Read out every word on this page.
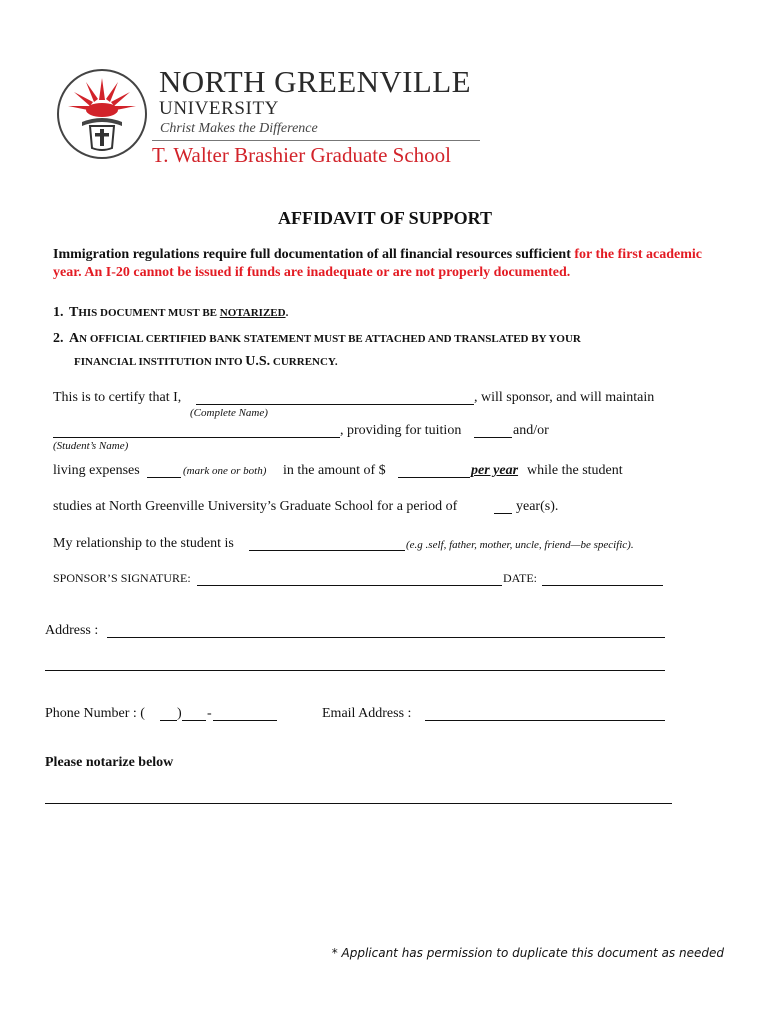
NORTH GREENVILLE
UNIVERSITY
Christ Makes the Difference
T. Walter Brashier Graduate School
AFFIDAVIT OF SUPPORT
Immigration regulations require full documentation of all financial resources sufficient for the first academic year. An I-20 cannot be issued if funds are inadequate or are not properly documented.
1. THIS DOCUMENT MUST BE NOTARIZED.
2. AN OFFICIAL CERTIFIED BANK STATEMENT MUST BE ATTACHED AND TRANSLATED BY YOUR
FINANCIAL INSTITUTION INTO U.S. CURRENCY.
This is to certify that I,	, will sponsor, and will maintain
(Complete Name)
, providing for tuition	and/or
(Student’s Name)
living expenses	(mark one or both) in the amount of $	per year while the student
studies at North Greenville University’s Graduate School for a period of	year(s).
My relationship to the student is	(e.g .self, father, mother, uncle, friend—be specific).
SPONSOR’S SIGNATURE:	DATE:
Address :
Phone Number : ( ) -	Email Address :
Please notarize below
* Applicant has permission to duplicate this document as needed
